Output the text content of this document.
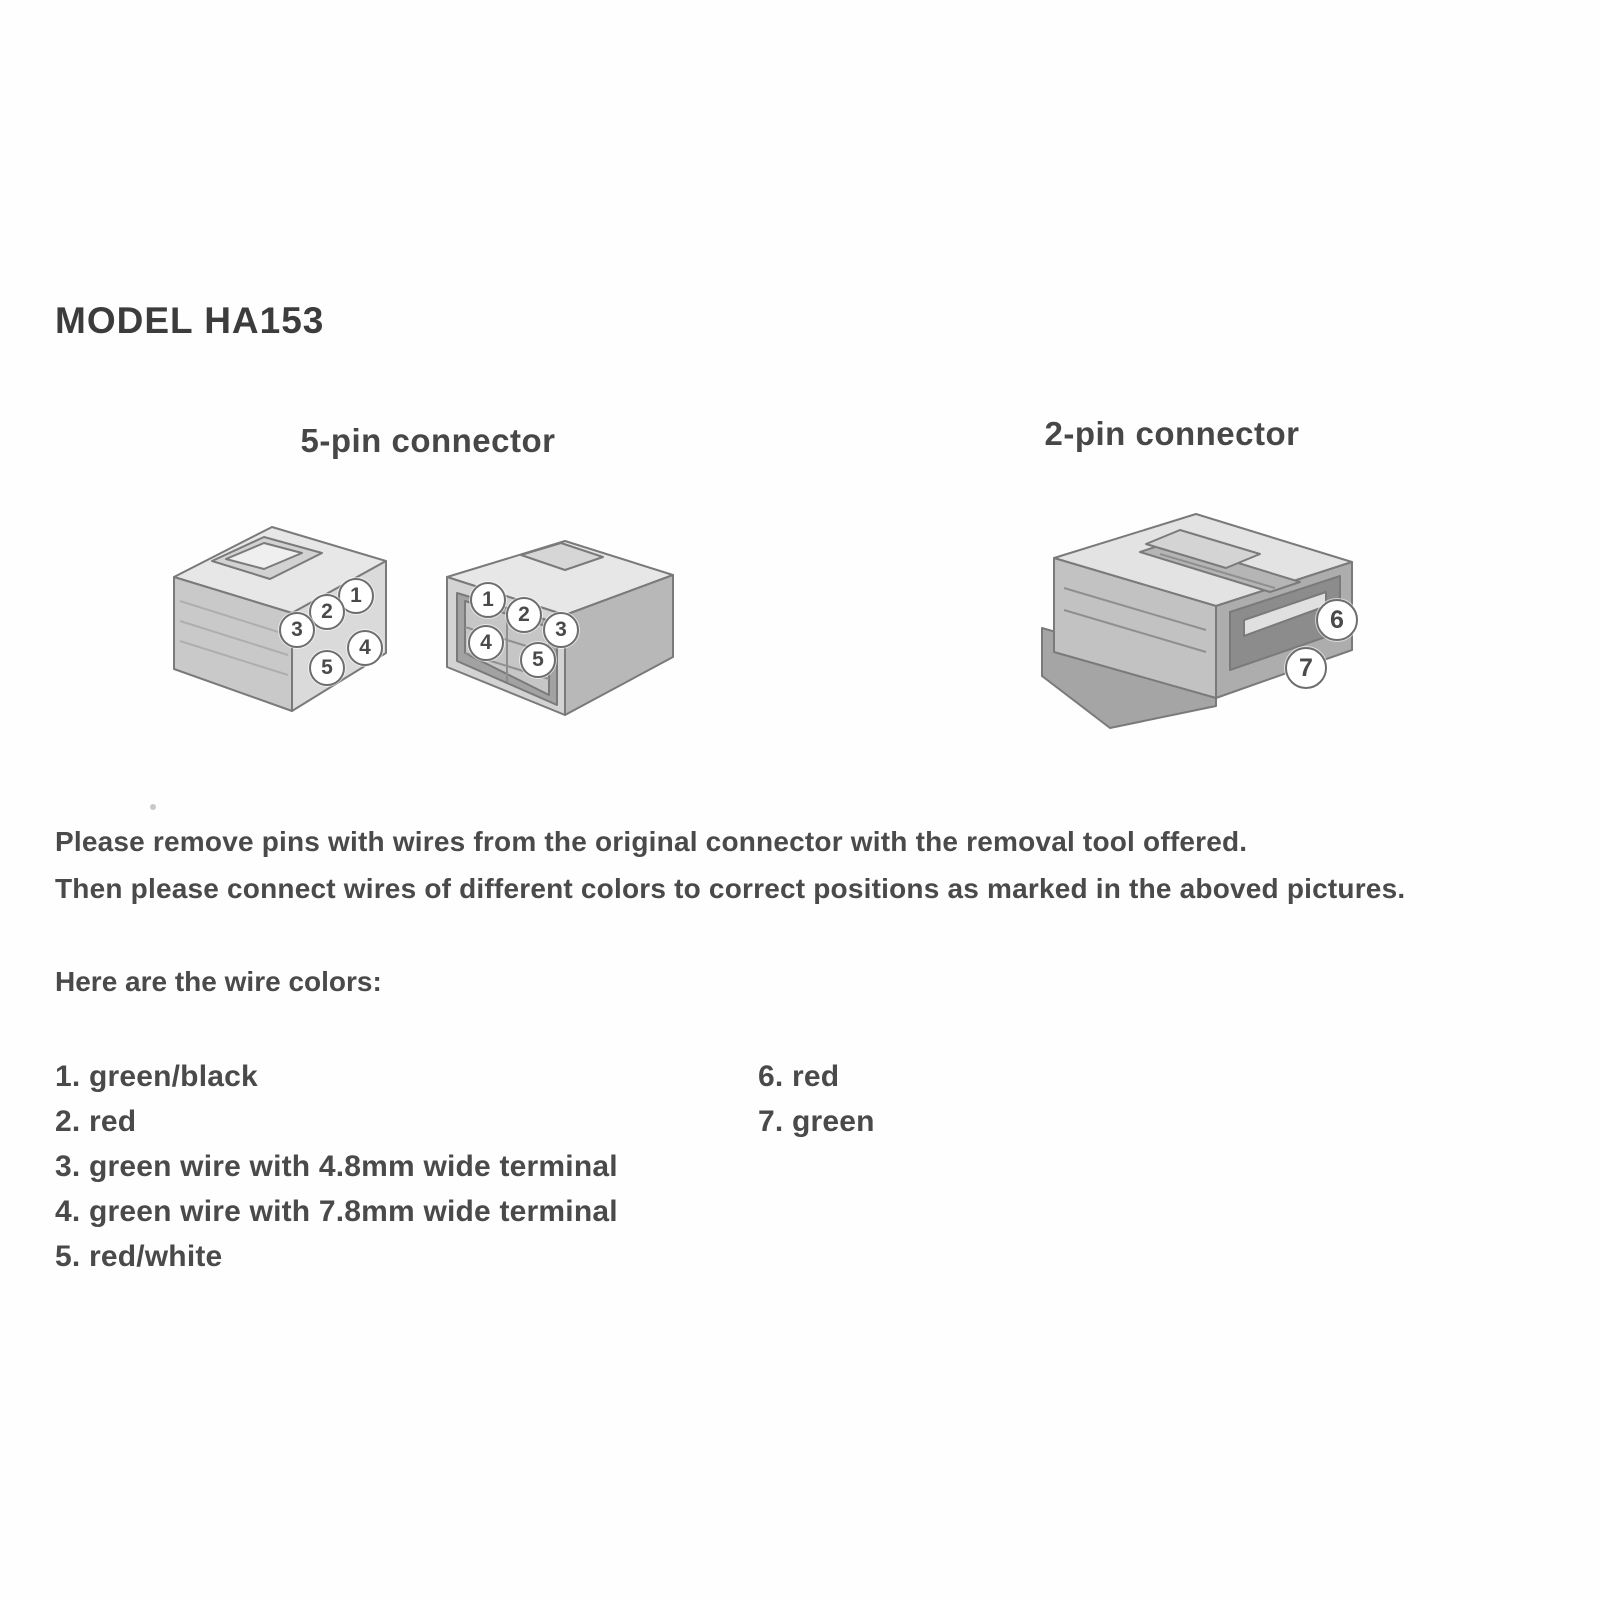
MODEL HA153
5-pin connector	2-pin connector
1
2
3
4
5
1
2
3
4
5
6
7
Please remove pins with wires from the original connector with the removal tool offered.
Then please connect wires of different colors to correct positions as marked in the aboved pictures.
Here are the wire colors:
1. green/black
2. red
3. green wire with 4.8mm wide terminal
4. green wire with 7.8mm wide terminal
5. red/white
6. red
7. green
